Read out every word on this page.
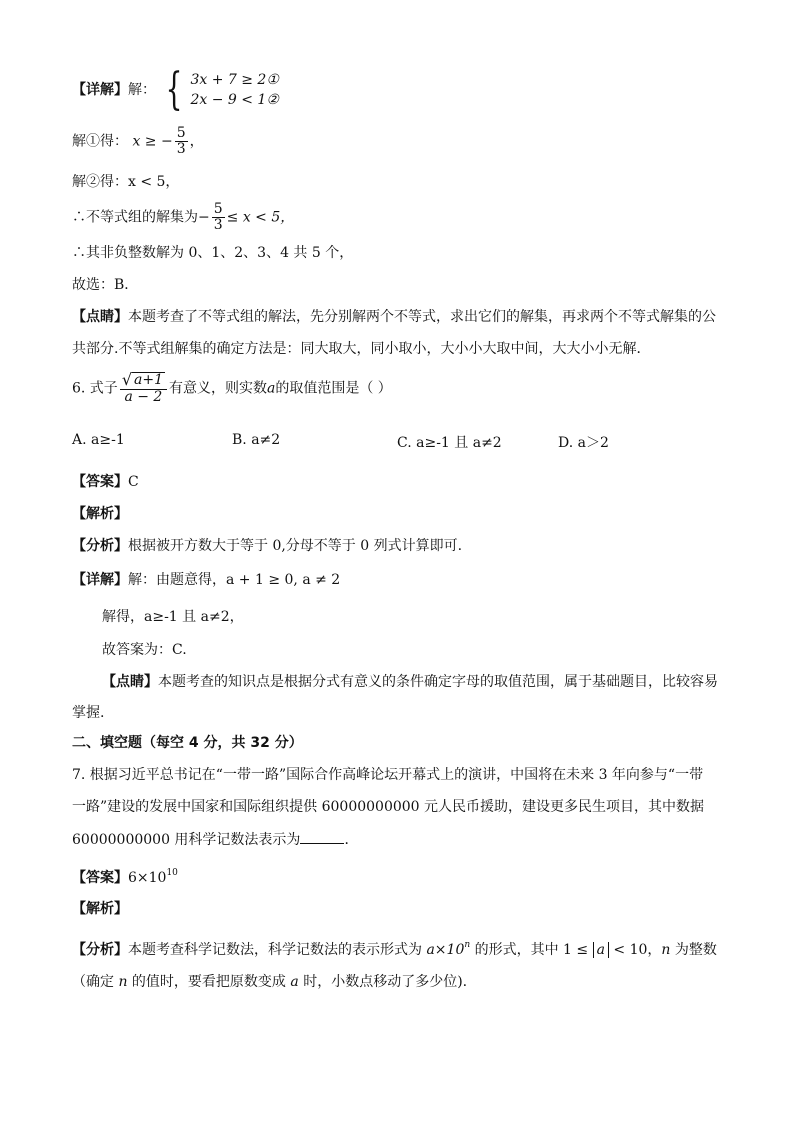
【详解】解： { 3x + 7 ≥ 2①
2x − 9 < 1②
解①得： x ≥ − $\frac{5}{3}$ ，
解②得：x < 5，
∴不等式组的解集为− $\frac{5}{3} \le x < 5$，
∴其非负整数解为 0、1、2、3、4 共 5 个，
故选：B．
【点睛】本题考查了不等式组的解法，先分别解两个不等式，求出它们的解集，再求两个不等式解集的公
共部分.不等式组解集的确定方法是：同大取大，同小取小，大小小大取中间，大大小小无解．
6. 式子 $\frac{√ a+1}{a - 2}$ 有意义，则实数a的取值范围是（ ）
A. a≥-1	B. a≠2	C. a≥-1 且 a≠2	D. a＞2
【答案】C
【解析】
【分析】根据被开方数大于等于 0,分母不等于 0 列式计算即可.
【详解】解：由题意得，a + 1 ≥ 0, a ≠ 2
解得，a≥-1 且 a≠2，
故答案为：C.
【点睛】本题考查的知识点是根据分式有意义的条件确定字母的取值范围，属于基础题目，比较容易
掌握.
二、填空题（每空 4 分，共 32 分）
7. 根据习近平总书记在“一带一路”国际合作高峰论坛开幕式上的演讲，中国将在未来 3 年向参与“一带
一路”建设的发展中国家和国际组织提供 60000000000 元人民币援助，建设更多民生项目，其中数据
60000000000 用科学记数法表示为	．
【答案】$6\times 10^{10}$
【解析】
【分析】本题考查科学记数法，科学记数法的表示形式为 $a\times 10^n$ 的形式，其中 1 ≤ a < 10，n 为整数
（确定 n 的值时，要看把原数变成 a 时，小数点移动了多少位).
